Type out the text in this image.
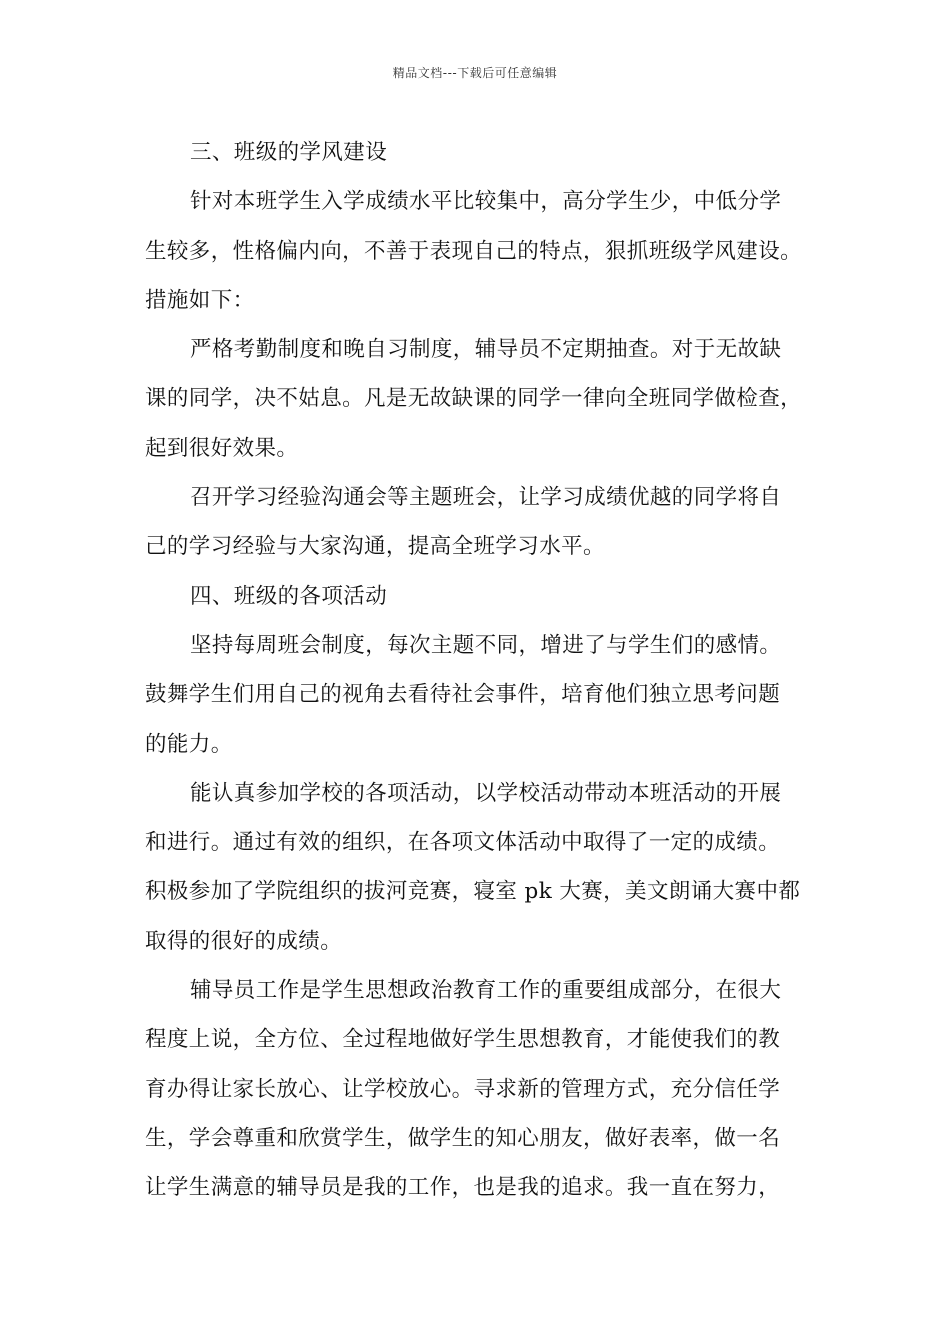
精品文档---下载后可任意编辑
三、班级的学风建设
针对本班学生入学成绩水平比较集中，高分学生少，中低分学
生较多，性格偏内向，不善于表现自己的特点，狠抓班级学风建设。
措施如下：
严格考勤制度和晚自习制度，辅导员不定期抽查。对于无故缺
课的同学，决不姑息。凡是无故缺课的同学一律向全班同学做检查，
起到很好效果。
召开学习经验沟通会等主题班会，让学习成绩优越的同学将自
己的学习经验与大家沟通，提高全班学习水平。
四、班级的各项活动
坚持每周班会制度，每次主题不同，增进了与学生们的感情。
鼓舞学生们用自己的视角去看待社会事件，培育他们独立思考问题
的能力。
能认真参加学校的各项活动，以学校活动带动本班活动的开展
和进行。通过有效的组织，在各项文体活动中取得了一定的成绩。
积极参加了学院组织的拔河竞赛，寝室 pk 大赛，美文朗诵大赛中都
取得的很好的成绩。
辅导员工作是学生思想政治教育工作的重要组成部分，在很大
程度上说，全方位、全过程地做好学生思想教育，才能使我们的教
育办得让家长放心、让学校放心。寻求新的管理方式，充分信任学
生，学会尊重和欣赏学生，做学生的知心朋友，做好表率，做一名
让学生满意的辅导员是我的工作，也是我的追求。我一直在努力，
